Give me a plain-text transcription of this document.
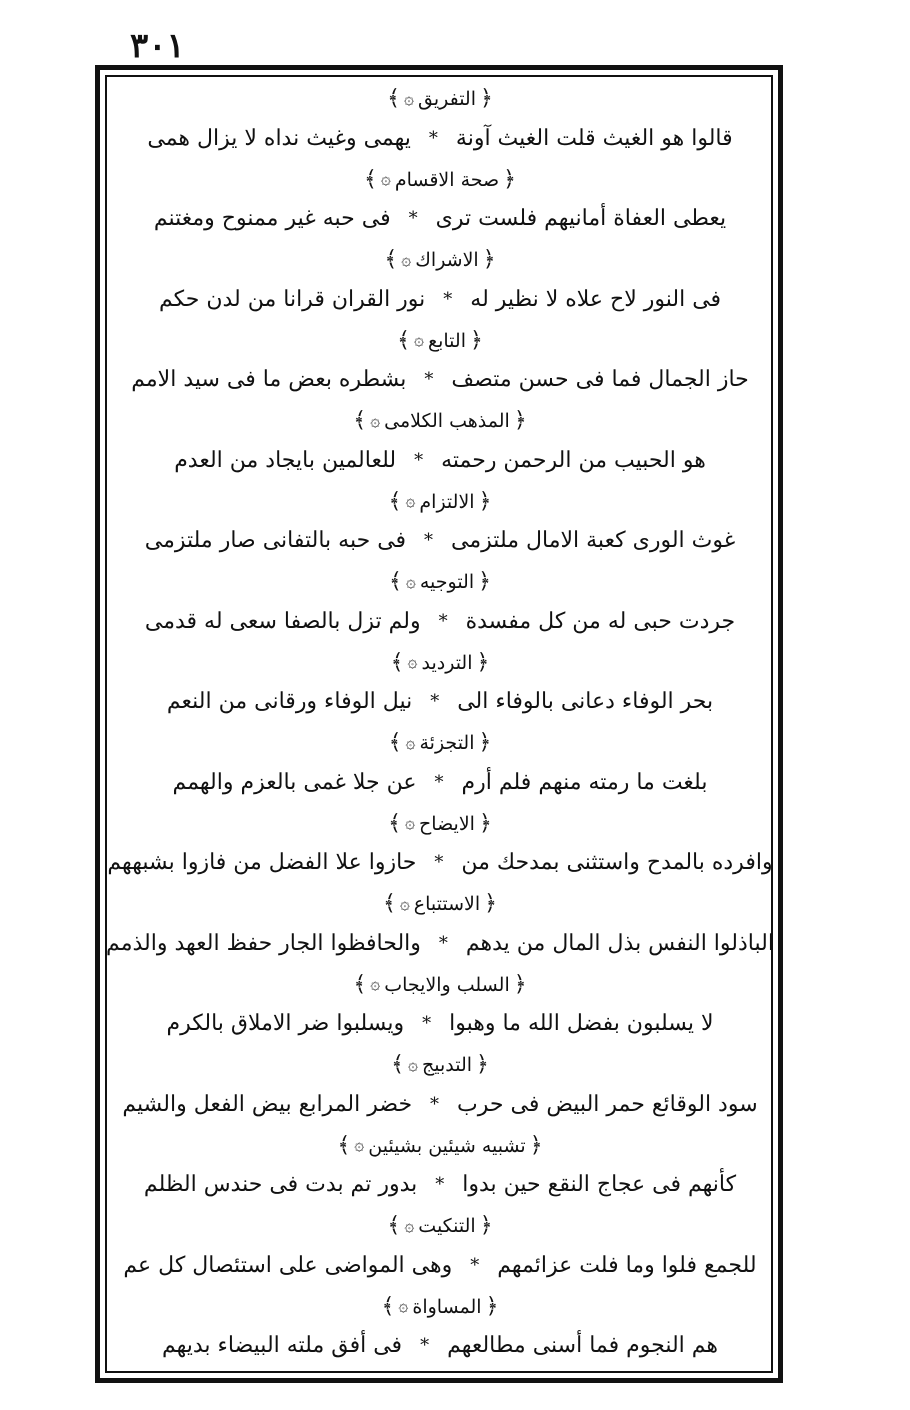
٣٠١
﴿
التفريق
۞
﴾
قالوا هو الغيث قلت الغيث آونة
*
يهمى وغيث نداه لا يزال همى
﴿
صحة الاقسام
۞
﴾
يعطى العفاة أمانيهم فلست ترى
*
فى حبه غير ممنوح ومغتنم
﴿
الاشراك
۞
﴾
فى النور لاح علاه لا نظير له
*
نور القران قرانا من لدن حكم
﴿
التابع
۞
﴾
حاز الجمال فما فى حسن متصف
*
بشطره بعض ما فى سيد الامم
﴿
المذهب الكلامى
۞
﴾
هو الحبيب من الرحمن رحمته
*
للعالمين بايجاد من العدم
﴿
الالتزام
۞
﴾
غوث الورى كعبة الامال ملتزمى
*
فى حبه بالتفانى صار ملتزمى
﴿
التوجيه
۞
﴾
جردت حبى له من كل مفسدة
*
ولم تزل بالصفا سعى له قدمى
﴿
الترديد
۞
﴾
بحر الوفاء دعانى بالوفاء الى
*
نيل الوفاء ورقانى من النعم
﴿
التجزئة
۞
﴾
بلغت ما رمته منهم فلم أرم
*
عن جلا غمى بالعزم والهمم
﴿
الايضاح
۞
﴾
وافرده بالمدح واستثنى بمدحك من
*
حازوا علا الفضل من فازوا بشبههم
﴿
الاستتباع
۞
﴾
الباذلوا النفس بذل المال من يدهم
*
والحافظوا الجار حفظ العهد والذمم
﴿
السلب والايجاب
۞
﴾
لا يسلبون بفضل الله ما وهبوا
*
ويسلبوا ضر الاملاق بالكرم
﴿
التدبيج
۞
﴾
سود الوقائع حمر البيض فى حرب
*
خضر المرابع بيض الفعل والشيم
﴿
تشبيه شيئين بشيئين
۞
﴾
كأنهم فى عجاج النقع حين بدوا
*
بدور تم بدت فى حندس الظلم
﴿
التنكيت
۞
﴾
للجمع فلوا وما فلت عزائمهم
*
وهى المواضى على استئصال كل عم
﴿
المساواة
۞
﴾
هم النجوم فما أسنى مطالعهم
*
فى أفق ملته البيضاء بديهم
